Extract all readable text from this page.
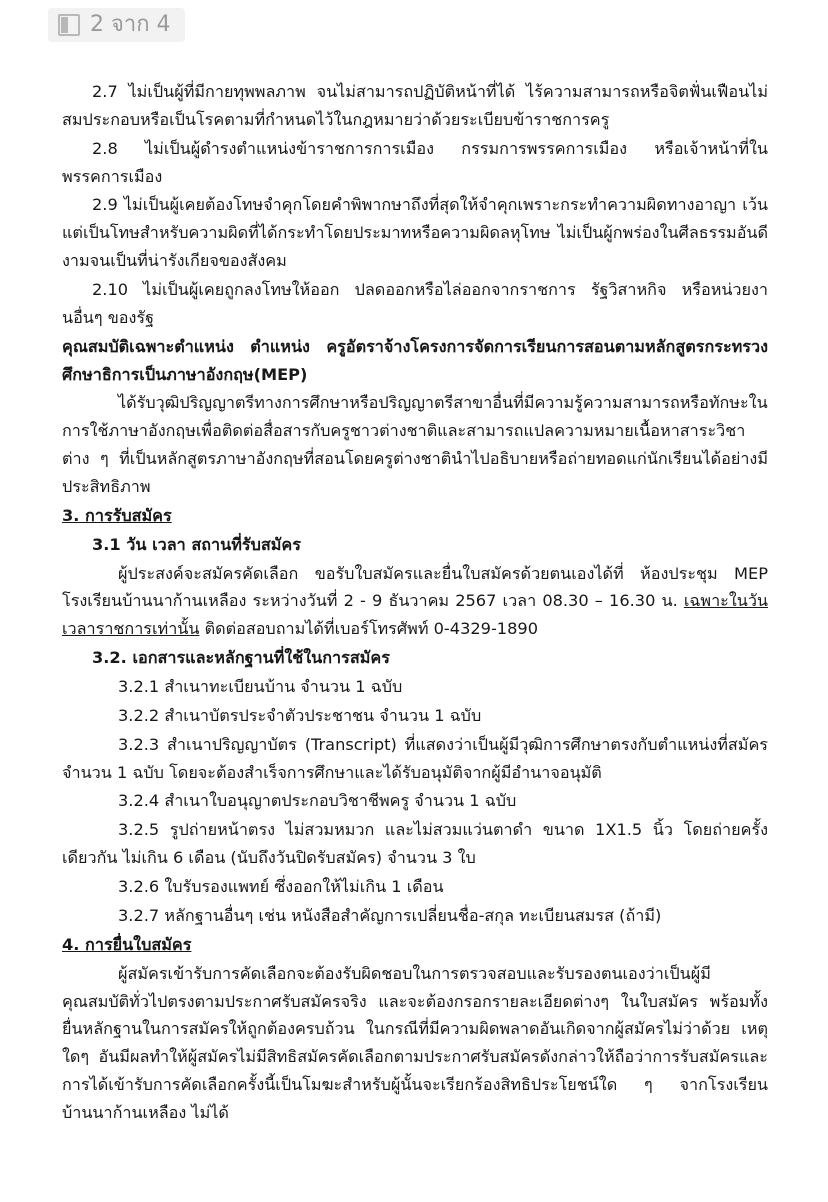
2 จาก 4

2.7 ไม่เป็นผู้ที่มีกายทุพพลภาพ จนไม่สามารถปฏิบัติหน้าที่ได้ ไร้ความสามารถหรือจิตฟั่นเฟือนไม่สมประกอบหรือเป็นโรคตามที่กำหนดไว้ในกฎหมายว่าด้วยระเบียบข้าราชการครู

2.8 ไม่เป็นผู้ดำรงตำแหน่งข้าราชการการเมือง กรรมการพรรคการเมือง หรือเจ้าหน้าที่ในพรรคการเมือง

2.9 ไม่เป็นผู้เคยต้องโทษจำคุกโดยคำพิพากษาถึงที่สุดให้จำคุกเพราะกระทำความผิดทางอาญา เว้นแต่เป็นโทษสำหรับความผิดที่ได้กระทำโดยประมาทหรือความผิดลหุโทษ ไม่เป็นผู้กพร่องในศีลธรรมอันดีงามจนเป็นที่น่ารังเกียจของสังคม

2.10 ไม่เป็นผู้เคยถูกลงโทษให้ออก ปลดออกหรือไล่ออกจากราชการ รัฐวิสาหกิจ หรือหน่วยงานอื่นๆ ของรัฐ

คุณสมบัติเฉพาะตำแหน่ง ตำแหน่ง ครูอัตราจ้างโครงการจัดการเรียนการสอนตามหลักสูตรกระทรวงศึกษาธิการเป็นภาษาอังกฤษ(MEP)

ได้รับวุฒิปริญญาตรีทางการศึกษาหรือปริญญาตรีสาขาอื่นที่มีความรู้ความสามารถหรือทักษะในการใช้ภาษาอังกฤษเพื่อติดต่อสื่อสารกับครูชาวต่างชาติและสามารถแปลความหมายเนื้อหาสาระวิชาต่าง ๆ ที่เป็นหลักสูตรภาษาอังกฤษที่สอนโดยครูต่างชาตินำไปอธิบายหรือถ่ายทอดแก่นักเรียนได้อย่างมีประสิทธิภาพ

3. การรับสมัคร

3.1 วัน เวลา สถานที่รับสมัคร

ผู้ประสงค์จะสมัครคัดเลือก ขอรับใบสมัครและยื่นใบสมัครด้วยตนเองได้ที่ ห้องประชุม MEP โรงเรียนบ้านนาก้านเหลือง ระหว่างวันที่ 2 - 9 ธันวาคม 2567 เวลา 08.30 – 16.30 น. เฉพาะในวันเวลาราชการเท่านั้น ติดต่อสอบถามได้ที่เบอร์โทรศัพท์ 0-4329-1890

3.2. เอกสารและหลักฐานที่ใช้ในการสมัคร

3.2.1 สำเนาทะเบียนบ้าน จำนวน 1 ฉบับ

3.2.2 สำเนาบัตรประจำตัวประชาชน จำนวน 1 ฉบับ

3.2.3 สำเนาปริญญาบัตร (Transcript) ที่แสดงว่าเป็นผู้มีวุฒิการศึกษาตรงกับตำแหน่งที่สมัคร จำนวน 1 ฉบับ โดยจะต้องสำเร็จการศึกษาและได้รับอนุมัติจากผู้มีอำนาจอนุมัติ

3.2.4 สำเนาใบอนุญาตประกอบวิชาชีพครู จำนวน 1 ฉบับ

3.2.5 รูปถ่ายหน้าตรง ไม่สวมหมวก และไม่สวมแว่นตาดำ ขนาด 1X1.5 นิ้ว โดยถ่ายครั้งเดียวกัน ไม่เกิน 6 เดือน (นับถึงวันปิดรับสมัคร) จำนวน 3 ใบ

3.2.6 ใบรับรองแพทย์ ซึ่งออกให้ไม่เกิน 1 เดือน

3.2.7 หลักฐานอื่นๆ เช่น หนังสือสำคัญการเปลี่ยนชื่อ-สกุล ทะเบียนสมรส (ถ้ามี)

4. การยื่นใบสมัคร

ผู้สมัครเข้ารับการคัดเลือกจะต้องรับผิดชอบในการตรวจสอบและรับรองตนเองว่าเป็นผู้มีคุณสมบัติทั่วไปตรงตามประกาศรับสมัครจริง และจะต้องกรอกรายละเอียดต่างๆ ในใบสมัคร พร้อมทั้งยื่นหลักฐานในการสมัครให้ถูกต้องครบถ้วน ในกรณีที่มีความผิดพลาดอันเกิดจากผู้สมัครไม่ว่าด้วย เหตุใดๆ อันมีผลทำให้ผู้สมัครไม่มีสิทธิสมัครคัดเลือกตามประกาศรับสมัครดังกล่าวให้ถือว่าการรับสมัครและการได้เข้ารับการคัดเลือกครั้งนี้เป็นโมฆะสำหรับผู้นั้นจะเรียกร้องสิทธิประโยชน์ใด ๆ จากโรงเรียนบ้านนาก้านเหลือง ไม่ได้
